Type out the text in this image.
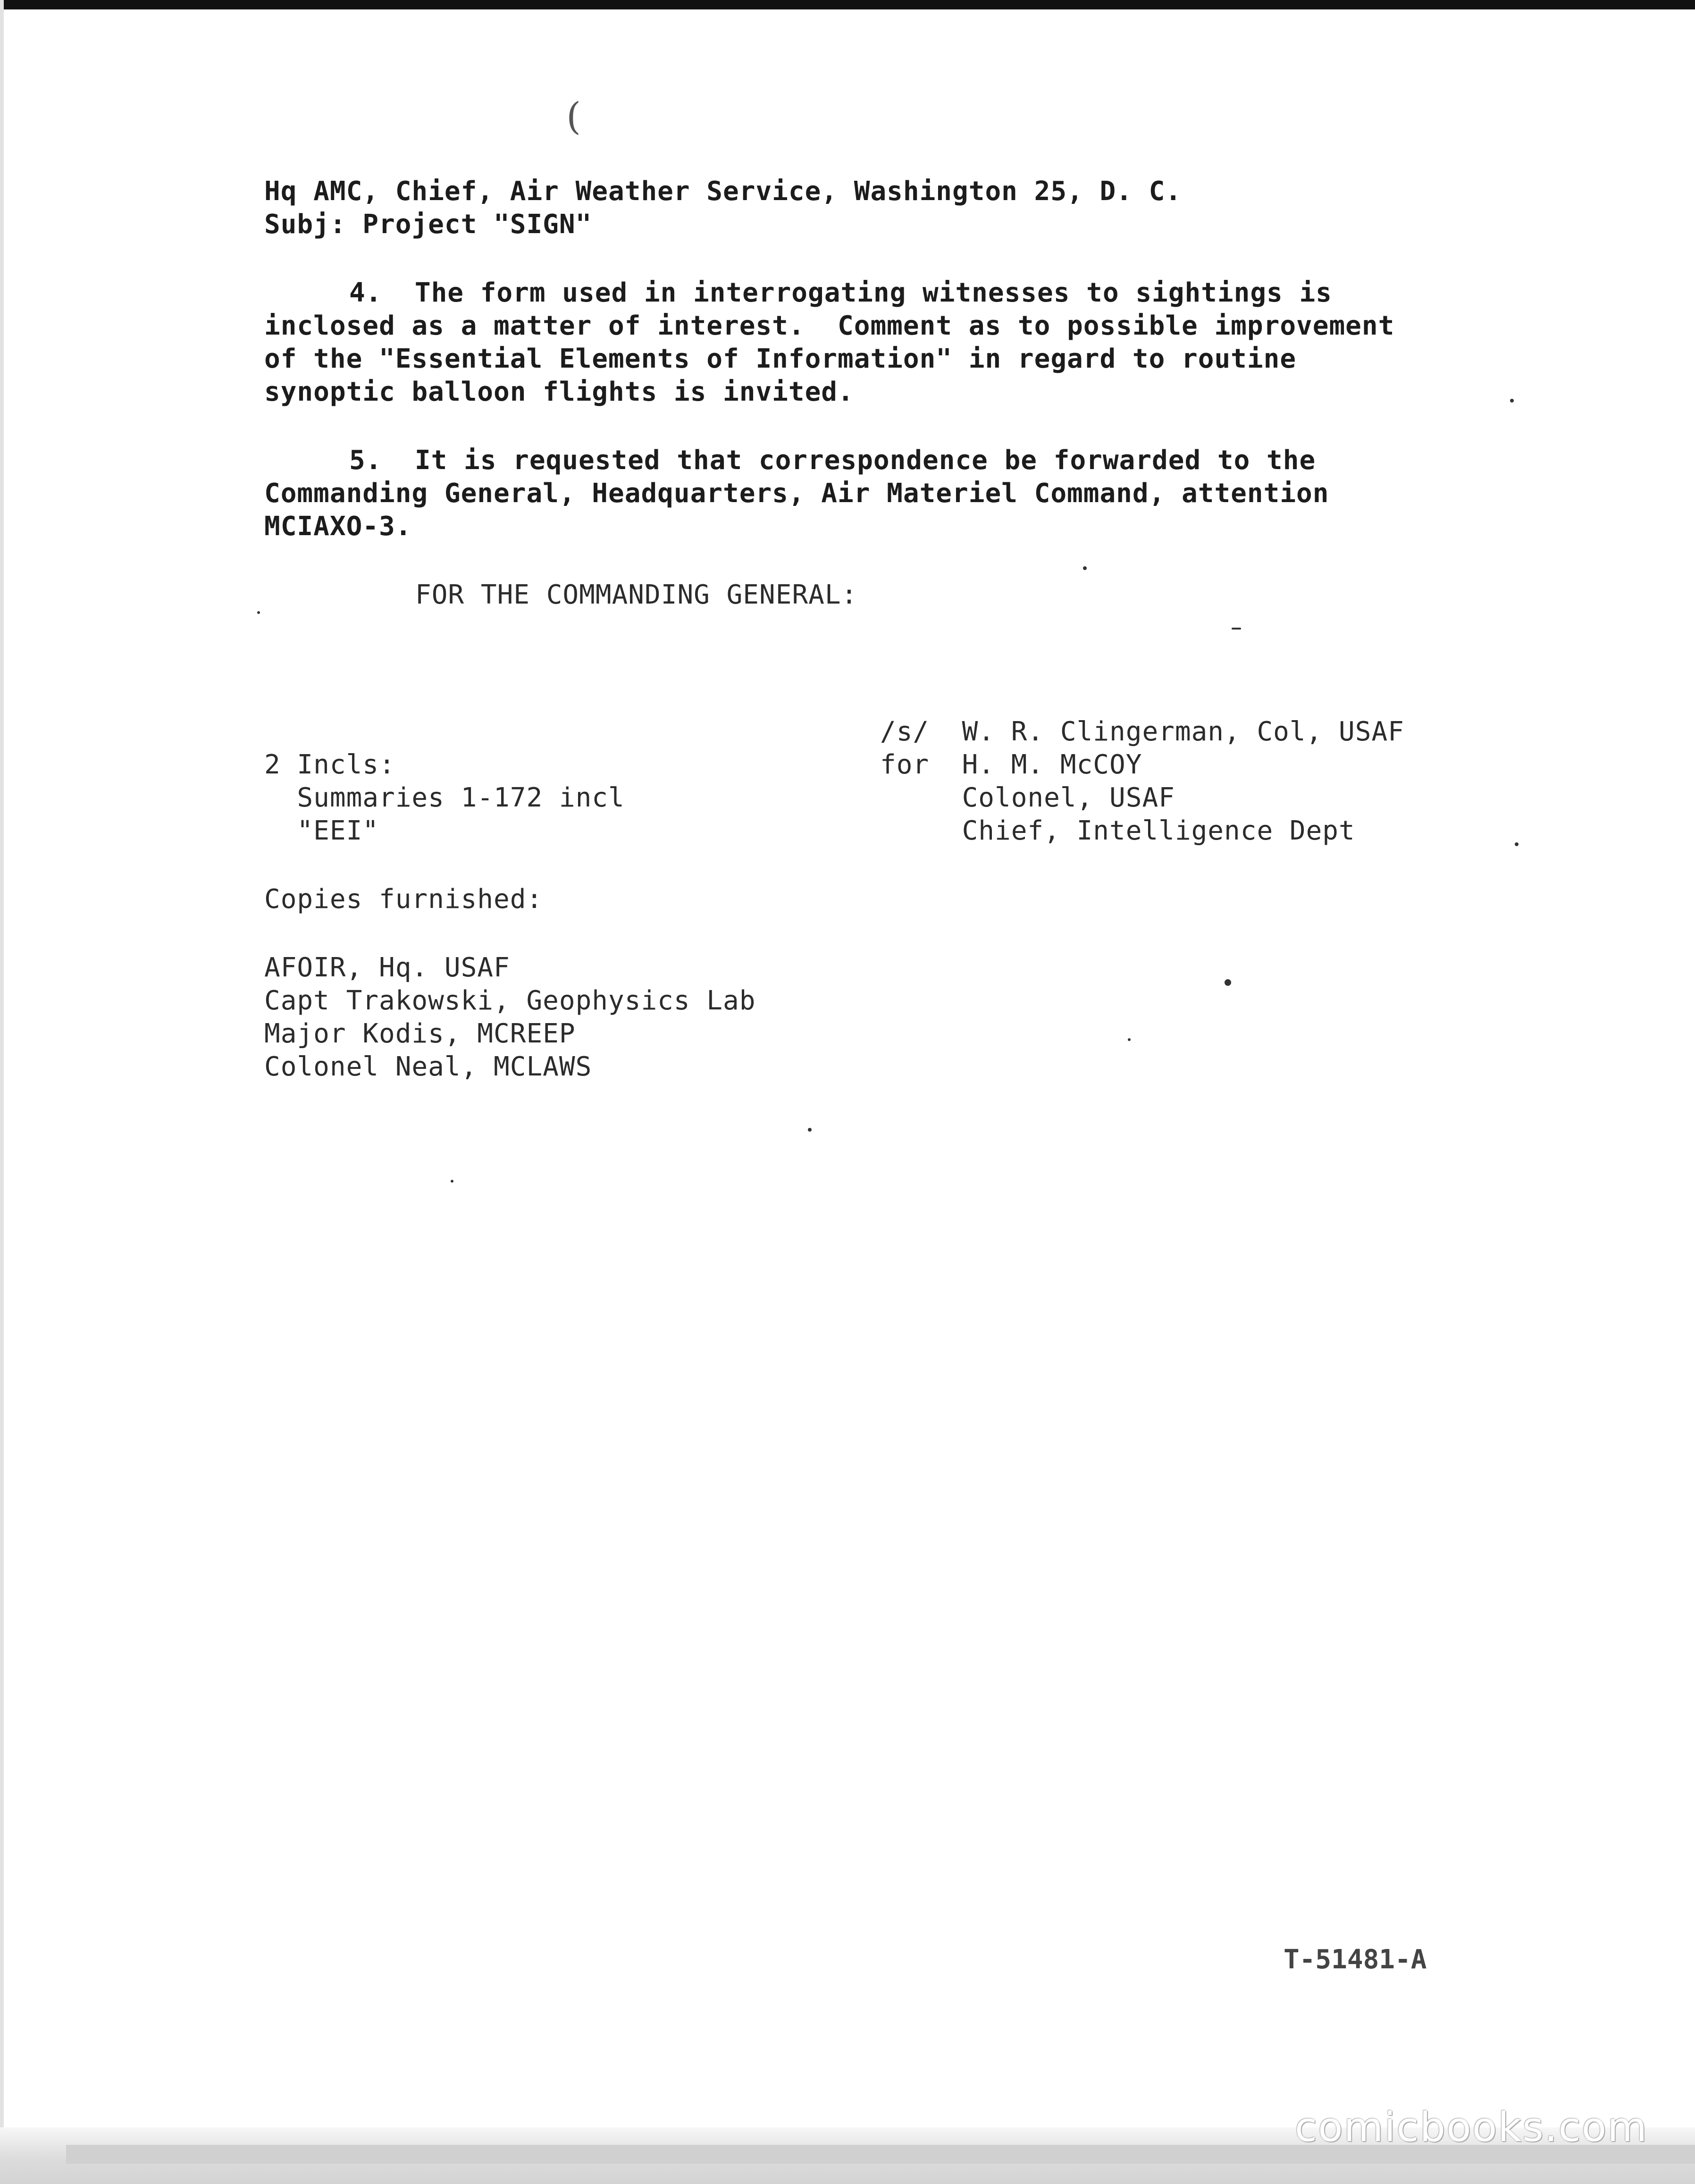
(
Hq AMC, Chief, Air Weather Service, Washington 25, D. C.
Subj: Project "SIGN"
4.  The form used in interrogating witnesses to sightings is
inclosed as a matter of interest.  Comment as to possible improvement
of the "Essential Elements of Information" in regard to routine
synoptic balloon flights is invited.
5.  It is requested that correspondence be forwarded to the
Commanding General, Headquarters, Air Materiel Command, attention
MCIAXO-3.
FOR THE COMMANDING GENERAL:
/s/  W. R. Clingerman, Col, USAF
for  H. M. McCOY
Colonel, USAF
Chief, Intelligence Dept
2 Incls:
Summaries 1-172 incl
"EEI"
Copies furnished:
AFOIR, Hq. USAF
Capt Trakowski, Geophysics Lab
Major Kodis, MCREEP
Colonel Neal, MCLAWS
T-51481-A
comicbooks.com
